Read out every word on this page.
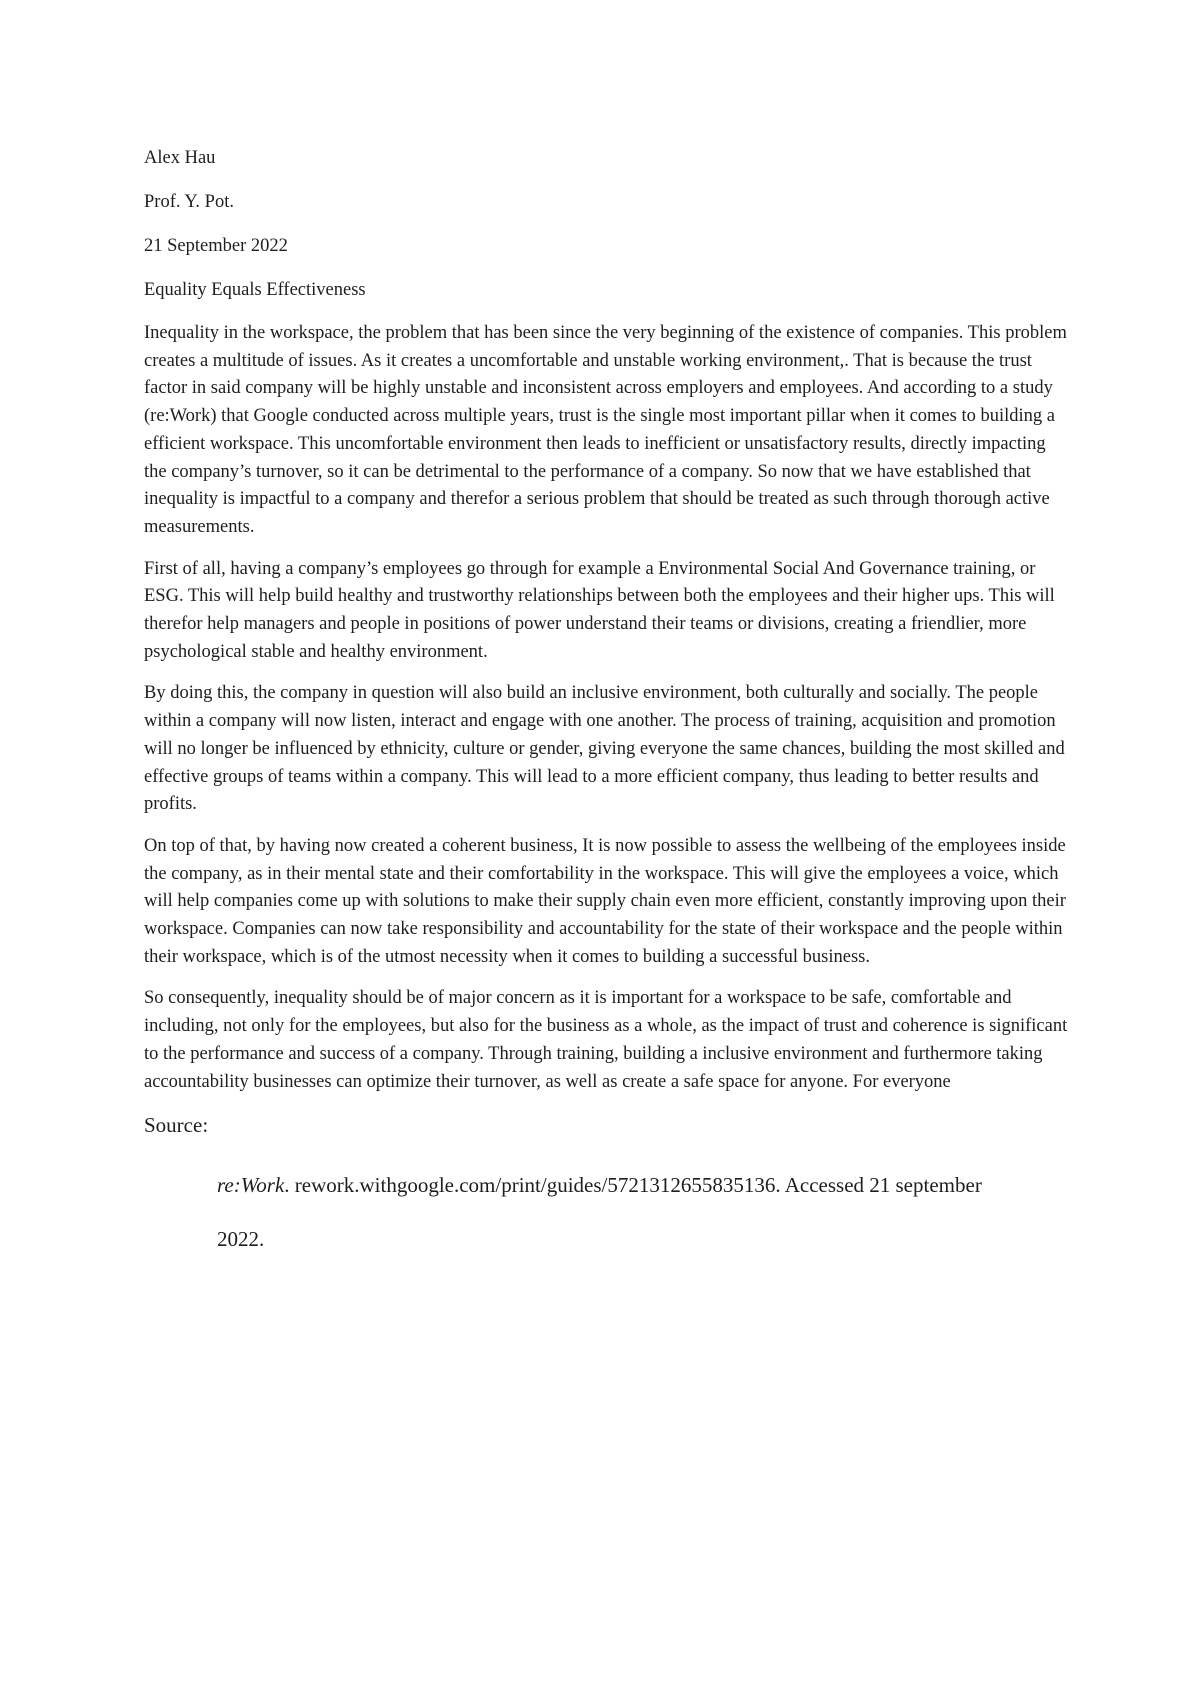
Alex Hau
Prof. Y. Pot.
21 September 2022
Equality Equals Effectiveness

Inequality in the workspace, the problem that has been since the very beginning of the existence of companies. This problem creates a multitude of issues. As it creates a uncomfortable and unstable working environment,. That is because the trust factor in said company will be highly unstable and inconsistent across employers and employees. And according to a study (re:Work) that Google conducted across multiple years, trust is the single most important pillar when it comes to building a efficient workspace. This uncomfortable environment then leads to inefficient or unsatisfactory results, directly impacting the company’s turnover, so it can be detrimental to the performance of a company. So now that we have established that inequality is impactful to a company and therefor a serious problem that should be treated as such through thorough active measurements.

First of all, having a company’s employees go through for example a Environmental Social And Governance training, or ESG. This will help build healthy and trustworthy relationships between both the employees and their higher ups. This will therefor help managers and people in positions of power understand their teams or divisions, creating a friendlier, more psychological stable and healthy environment.

By doing this, the company in question will also build an inclusive environment, both culturally and socially. The people within a company will now listen, interact and engage with one another. The process of training, acquisition and promotion will no longer be influenced by ethnicity, culture or gender, giving everyone the same chances, building the most skilled and effective groups of teams within a company. This will lead to a more efficient company, thus leading to better results and profits.

On top of that, by having now created a coherent business, It is now possible to assess the wellbeing of the employees inside the company, as in their mental state and their comfortability in the workspace. This will give the employees a voice, which will help companies come up with solutions to make their supply chain even more efficient, constantly improving upon their workspace. Companies can now take responsibility and accountability for the state of their workspace and the people within their workspace, which is of the utmost necessity when it comes to building a successful business.

So consequently, inequality should be of major concern as it is important for a workspace to be safe, comfortable and including, not only for the employees, but also for the business as a whole, as the impact of trust and coherence is significant to the performance and success of a company. Through training, building a inclusive environment and furthermore taking accountability businesses can optimize their turnover, as well as create a safe space for anyone. For everyone

Source:
re:Work. rework.withgoogle.com/print/guides/5721312655835136. Accessed 21 september 2022.
